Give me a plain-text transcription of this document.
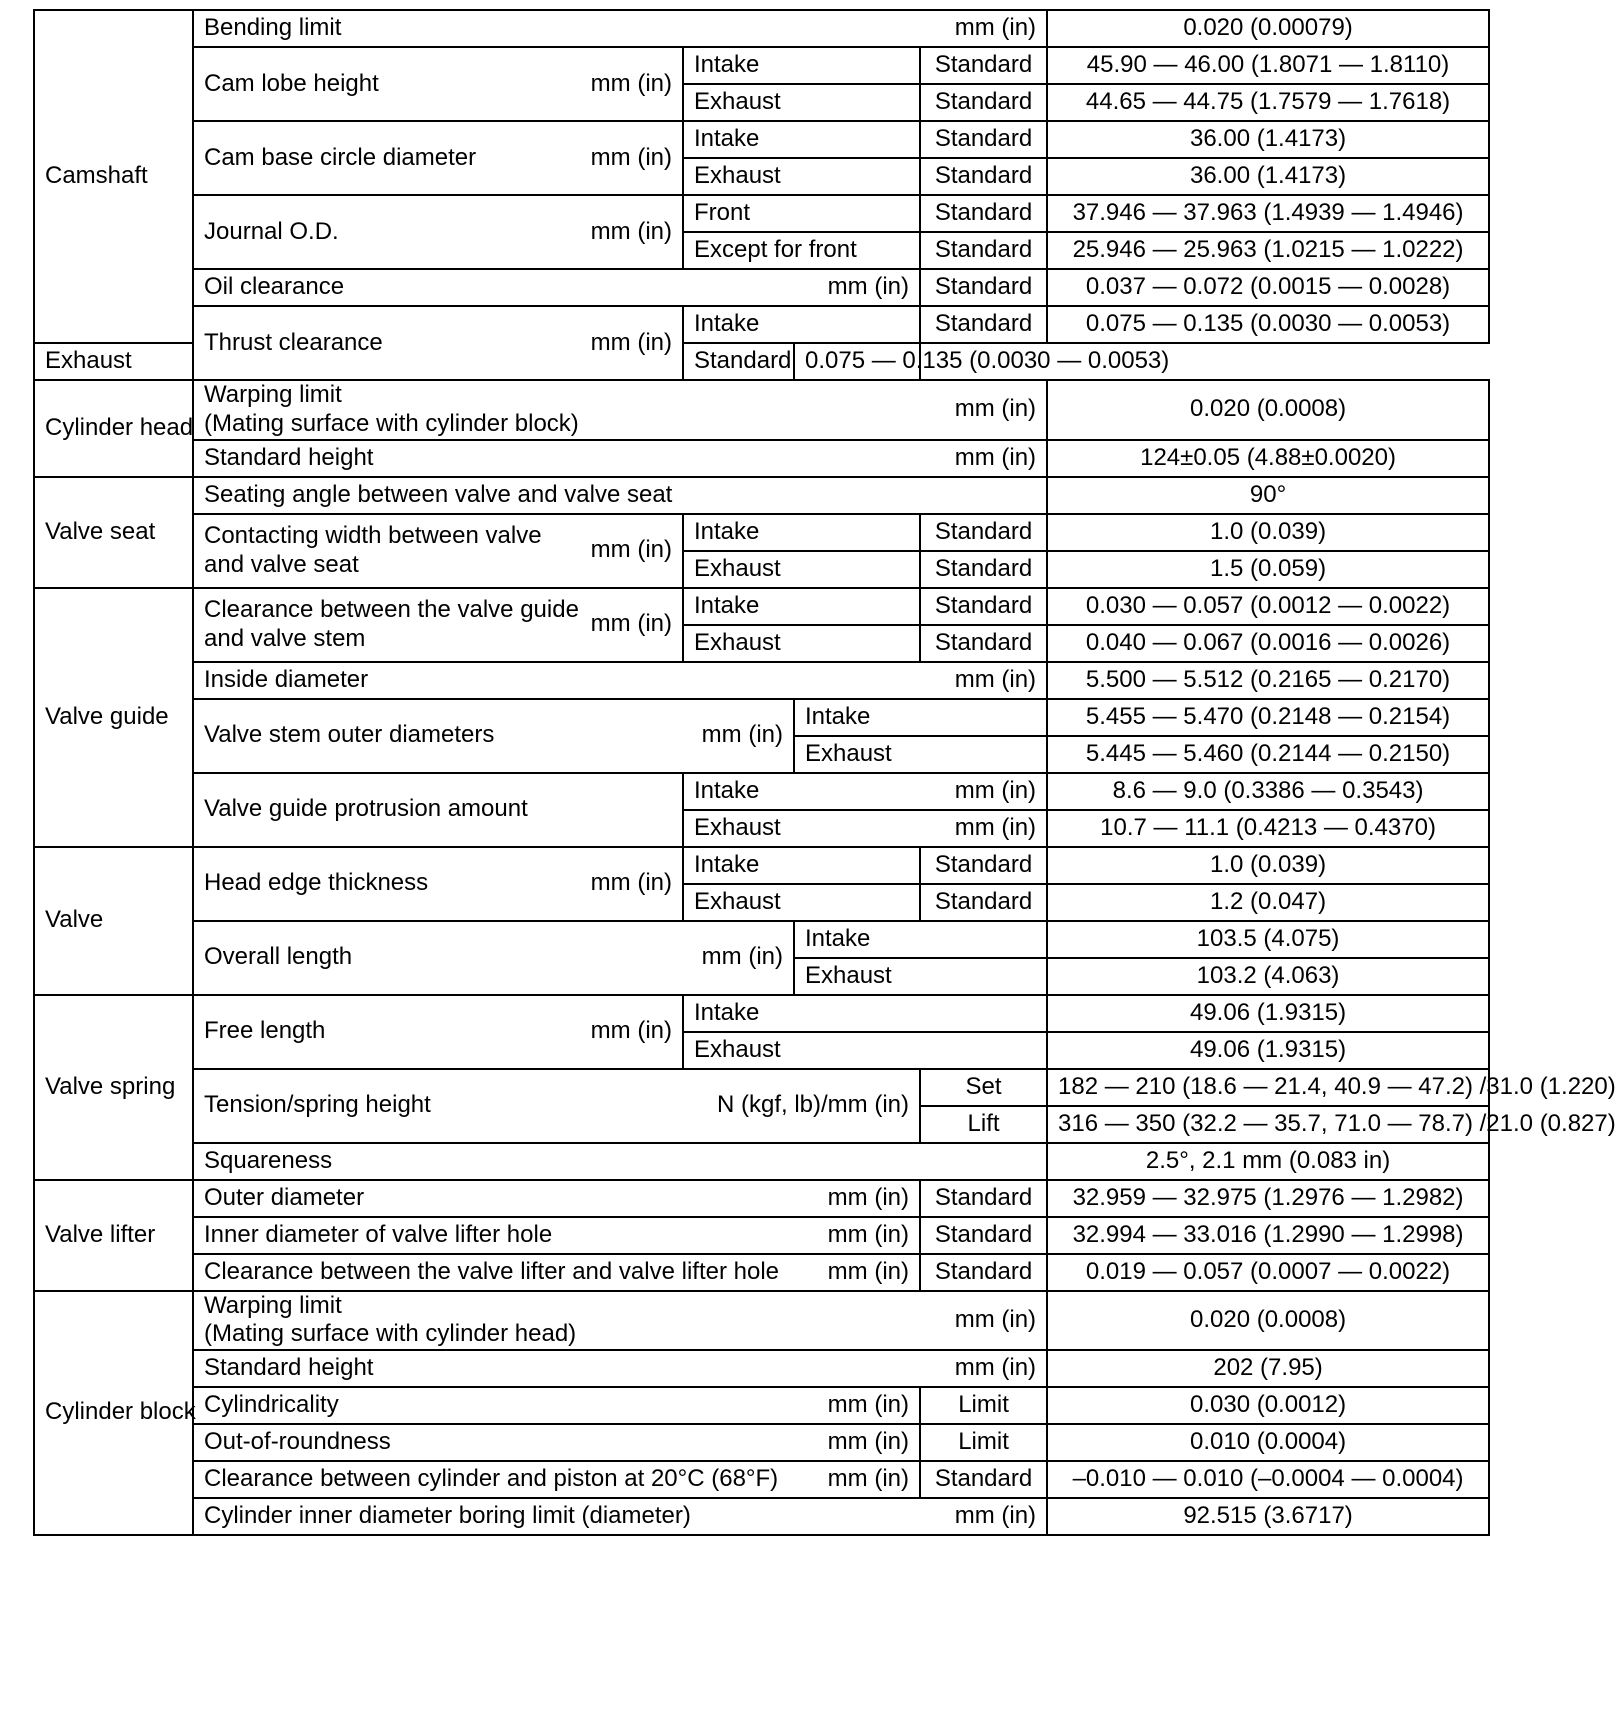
Camshaft	Bending limit mm (in)				0.020 (0.00079)

	Cam lobe height mm (in)	Intake		Standard	45.90 — 46.00 (1.8071 — 1.8110)
		Exhaust		Standard	44.65 — 44.75 (1.7579 — 1.7618)

	Cam base circle diameter mm (in)	Intake		Standard	36.00 (1.4173)
		Exhaust		Standard	36.00 (1.4173)

	Journal O.D. mm (in)	Front		Standard	37.946 — 37.963 (1.4939 — 1.4946)
		Except for front		Standard	25.946 — 25.963 (1.0215 — 1.0222)

	Oil clearance mm (in)			Standard	0.037 — 0.072 (0.0015 — 0.0028)

	Thrust clearance mm (in)	Intake		Standard	0.075 — 0.135 (0.0030 — 0.0053)
Exhaust		Standard	0.075 — 0.135 (0.0030 — 0.0053)		
Cylinder head	Warping limit
(Mating surface with cylinder block)
mm (in)				0.020 (0.0008)

	Standard height mm (in)				124±0.05 (4.88±0.0020)
Valve seat	Seating angle between valve and valve seat				90°

	Contacting width between valve and valve seat
mm (in)	Intake		Standard	1.0 (0.039)
		Exhaust		Standard	1.5 (0.059)
Valve guide	Clearance between the valve guide and valve stem
mm (in)	Intake		Standard	0.030 — 0.057 (0.0012 — 0.0022)
		Exhaust		Standard	0.040 — 0.067 (0.0016 — 0.0026)

	Inside diameter mm (in)				5.500 — 5.512 (0.2165 — 0.2170)

	Valve stem outer diameters mm (in)		Intake		5.455 — 5.470 (0.2148 — 0.2154)
			Exhaust		5.445 — 5.460 (0.2144 — 0.2150)
	Valve guide protrusion amount	Intake mm (in)			8.6 — 9.0 (0.3386 — 0.3543)

		Exhaust mm (in)			10.7 — 11.1 (0.4213 — 0.4370)
Valve	Head edge thickness mm (in)	Intake		Standard	1.0 (0.039)
		Exhaust		Standard	1.2 (0.047)

	Overall length mm (in)		Intake		103.5 (4.075)
			Exhaust		103.2 (4.063)
Valve spring	Free length mm (in)	Intake			49.06 (1.9315)
		Exhaust			49.06 (1.9315)

	Tension/spring height N (kgf, lb)/mm (in)			Set	182 — 210 (18.6 — 21.4, 40.9 — 47.2) /31.0 (1.220)
				Lift	316 — 350 (32.2 — 35.7, 71.0 — 78.7) /21.0 (0.827)
	Squareness				2.5°, 2.1 mm (0.083 in)
Valve lifter	Outer diameter mm (in)			Standard	32.959 — 32.975 (1.2976 — 1.2982)

	Inner diameter of valve lifter hole mm (in)			Standard	32.994 — 33.016 (1.2990 — 1.2998)

	Clearance between the valve lifter and valve lifter hole mm (in)			Standard	0.019 — 0.057 (0.0007 — 0.0022)
Cylinder block	Warping limit
(Mating surface with cylinder head)
mm (in)				0.020 (0.0008)

	Standard height mm (in)				202 (7.95)

	Cylindricality mm (in)			Limit	0.030 (0.0012)

	Out-of-roundness mm (in)			Limit	0.010 (0.0004)

	Clearance between cylinder and piston at 20°C (68°F) mm (in)			Standard	–0.010 — 0.010 (–0.0004 — 0.0004)

	Cylinder inner diameter boring limit (diameter) mm (in)				92.515 (3.6717)
